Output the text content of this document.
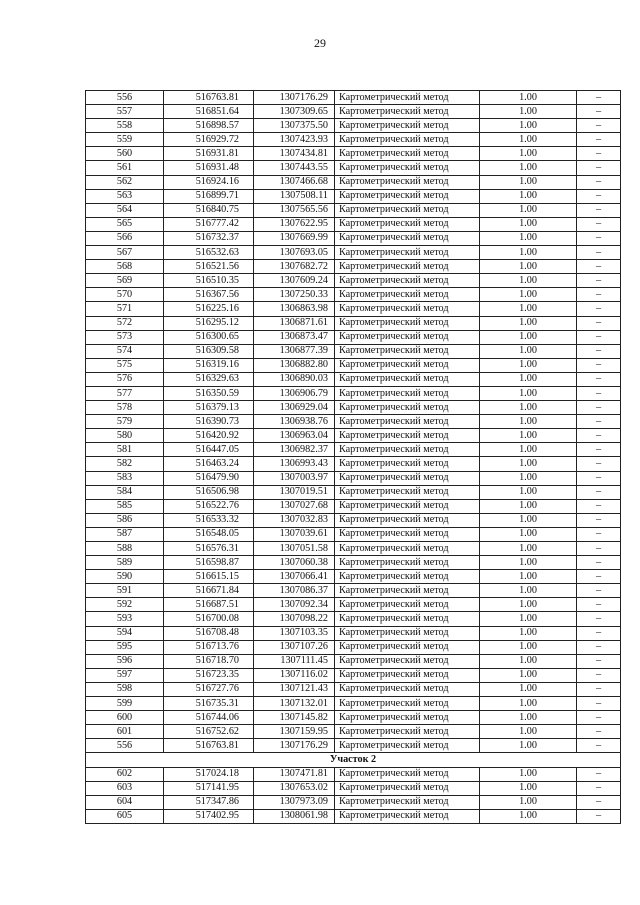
29
556	516763.81	1307176.29	Картометрический метод	1.00	–
557	516851.64	1307309.65	Картометрический метод	1.00	–
558	516898.57	1307375.50	Картометрический метод	1.00	–
559	516929.72	1307423.93	Картометрический метод	1.00	–
560	516931.81	1307434.81	Картометрический метод	1.00	–
561	516931.48	1307443.55	Картометрический метод	1.00	–
562	516924.16	1307466.68	Картометрический метод	1.00	–
563	516899.71	1307508.11	Картометрический метод	1.00	–
564	516840.75	1307565.56	Картометрический метод	1.00	–
565	516777.42	1307622.95	Картометрический метод	1.00	–
566	516732.37	1307669.99	Картометрический метод	1.00	–
567	516532.63	1307693.05	Картометрический метод	1.00	–
568	516521.56	1307682.72	Картометрический метод	1.00	–
569	516510.35	1307609.24	Картометрический метод	1.00	–
570	516367.56	1307250.33	Картометрический метод	1.00	–
571	516225.16	1306863.98	Картометрический метод	1.00	–
572	516295.12	1306871.61	Картометрический метод	1.00	–
573	516300.65	1306873.47	Картометрический метод	1.00	–
574	516309.58	1306877.39	Картометрический метод	1.00	–
575	516319.16	1306882.80	Картометрический метод	1.00	–
576	516329.63	1306890.03	Картометрический метод	1.00	–
577	516350.59	1306906.79	Картометрический метод	1.00	–
578	516379.13	1306929.04	Картометрический метод	1.00	–
579	516390.73	1306938.76	Картометрический метод	1.00	–
580	516420.92	1306963.04	Картометрический метод	1.00	–
581	516447.05	1306982.37	Картометрический метод	1.00	–
582	516463.24	1306993.43	Картометрический метод	1.00	–
583	516479.90	1307003.97	Картометрический метод	1.00	–
584	516506.98	1307019.51	Картометрический метод	1.00	–
585	516522.76	1307027.68	Картометрический метод	1.00	–
586	516533.32	1307032.83	Картометрический метод	1.00	–
587	516548.05	1307039.61	Картометрический метод	1.00	–
588	516576.31	1307051.58	Картометрический метод	1.00	–
589	516598.87	1307060.38	Картометрический метод	1.00	–
590	516615.15	1307066.41	Картометрический метод	1.00	–
591	516671.84	1307086.37	Картометрический метод	1.00	–
592	516687.51	1307092.34	Картометрический метод	1.00	–
593	516700.08	1307098.22	Картометрический метод	1.00	–
594	516708.48	1307103.35	Картометрический метод	1.00	–
595	516713.76	1307107.26	Картометрический метод	1.00	–
596	516718.70	1307111.45	Картометрический метод	1.00	–
597	516723.35	1307116.02	Картометрический метод	1.00	–
598	516727.76	1307121.43	Картометрический метод	1.00	–
599	516735.31	1307132.01	Картометрический метод	1.00	–
600	516744.06	1307145.82	Картометрический метод	1.00	–
601	516752.62	1307159.95	Картометрический метод	1.00	–
556	516763.81	1307176.29	Картометрический метод	1.00	–
Участок 2					
602	517024.18	1307471.81	Картометрический метод	1.00	–
603	517141.95	1307653.02	Картометрический метод	1.00	–
604	517347.86	1307973.09	Картометрический метод	1.00	–
605	517402.95	1308061.98	Картометрический метод	1.00	–
